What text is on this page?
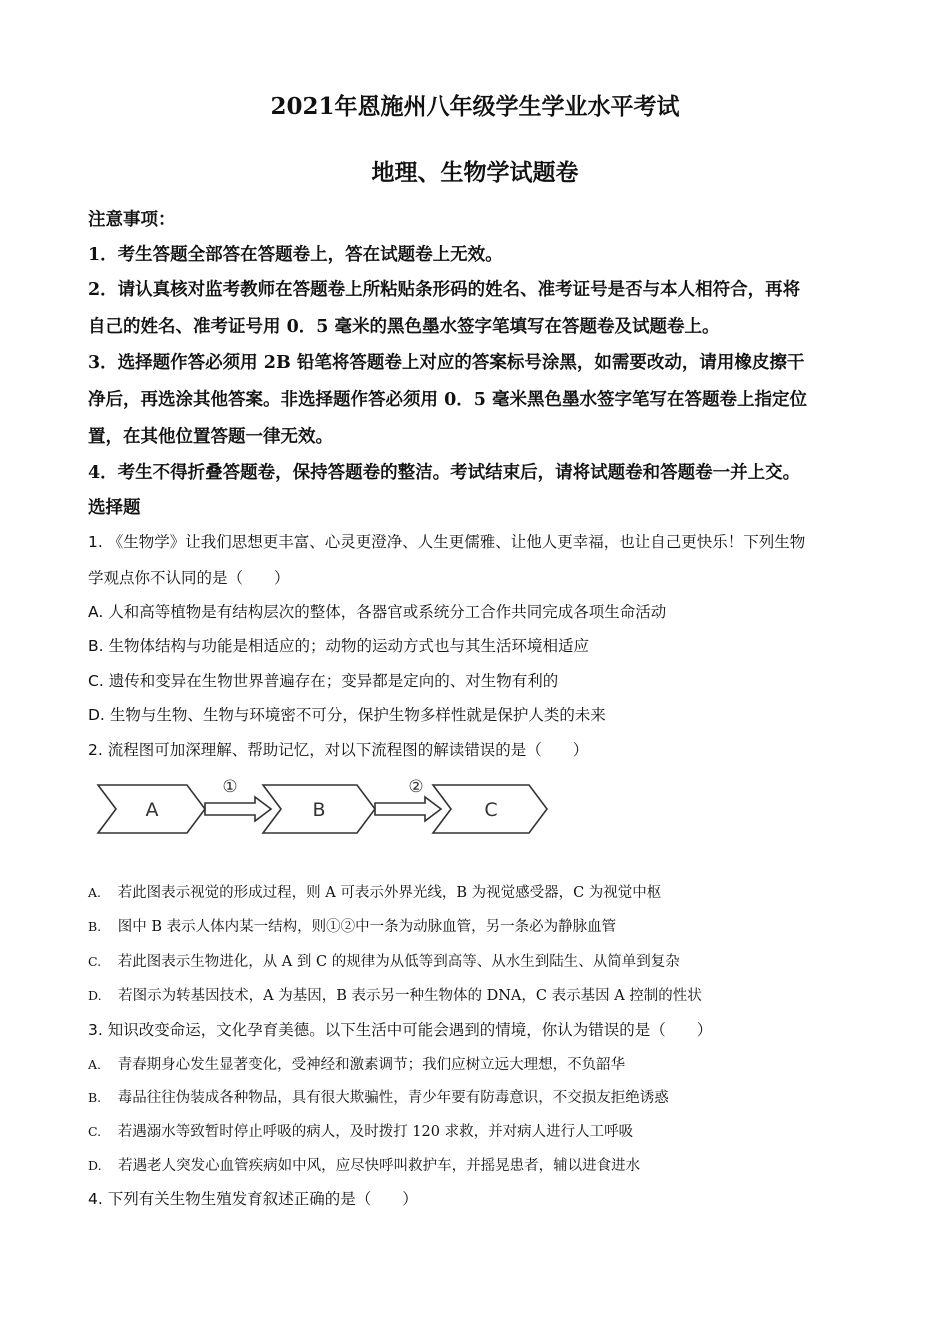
2021年恩施州八年级学生学业水平考试
地理、生物学试题卷
注意事项：
1．考生答题全部答在答题卷上，答在试题卷上无效。
2．请认真核对监考教师在答题卷上所粘贴条形码的姓名、准考证号是否与本人相符合，再将
自己的姓名、准考证号用 0．5 毫米的黑色墨水签字笔填写在答题卷及试题卷上。
3．选择题作答必须用 2B 铅笔将答题卷上对应的答案标号涂黑，如需要改动，请用橡皮擦干
净后，再选涂其他答案。非选择题作答必须用 0．5 毫米黑色墨水签字笔写在答题卷上指定位
置，在其他位置答题一律无效。
4．考生不得折叠答题卷，保持答题卷的整洁。考试结束后，请将试题卷和答题卷一并上交。
选择题
1. 《生物学》让我们思想更丰富、心灵更澄净、人生更儒雅、让他人更幸福，也让自己更快乐！下列生物
学观点你不认同的是（　　）
A. 人和高等植物是有结构层次的整体，各器官或系统分工合作共同完成各项生命活动
B. 生物体结构与功能是相适应的；动物的运动方式也与其生活环境相适应
C. 遗传和变异在生物世界普遍存在；变异都是定向的、对生物有利的
D. 生物与生物、生物与环境密不可分，保护生物多样性就是保护人类的未来
2. 流程图可加深理解、帮助记忆，对以下流程图的解读错误的是（　　）
A	B	C
①	②
A. 若此图表示视觉的形成过程，则 A 可表示外界光线，B 为视觉感受器，C 为视觉中枢
B. 图中 B 表示人体内某一结构，则①②中一条为动脉血管，另一条必为静脉血管
C. 若此图表示生物进化，从 A 到 C 的规律为从低等到高等、从水生到陆生、从简单到复杂
D. 若图示为转基因技术，A 为基因，B 表示另一种生物体的 DNA，C 表示基因 A 控制的性状
3. 知识改变命运，文化孕育美德。以下生活中可能会遇到的情境，你认为错误的是（　　）
A. 青春期身心发生显著变化，受神经和激素调节；我们应树立远大理想，不负韶华
B. 毒品往往伪装成各种物品，具有很大欺骗性，青少年要有防毒意识，不交损友拒绝诱惑
C. 若遇溺水等致暂时停止呼吸的病人，及时拨打 120 求救，并对病人进行人工呼吸
D. 若遇老人突发心血管疾病如中风，应尽快呼叫救护车，并摇晃患者，辅以进食进水
4. 下列有关生物生殖发育叙述正确的是（　　）
